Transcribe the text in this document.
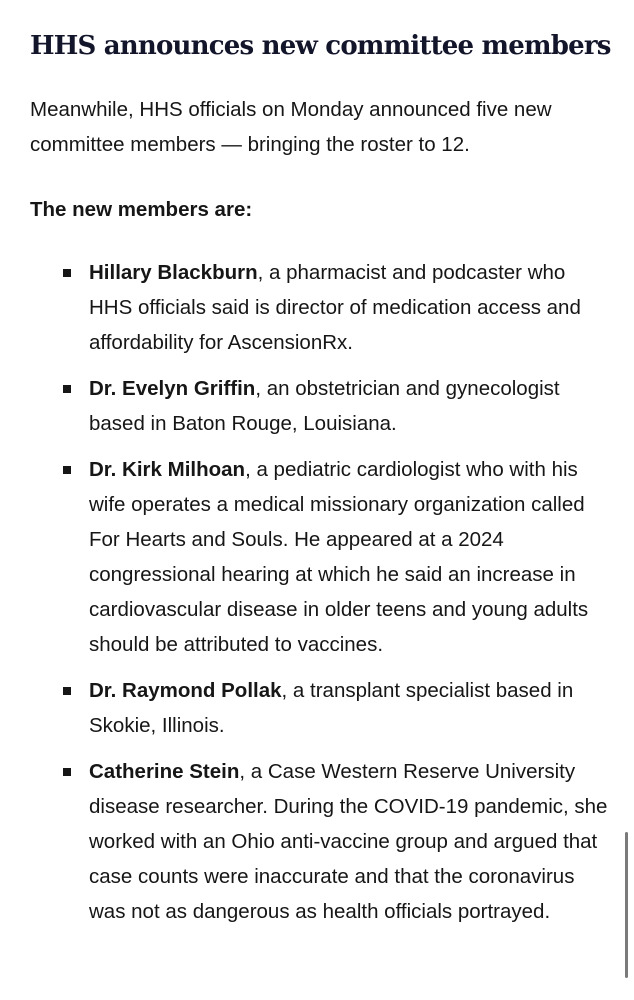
HHS announces new committee members

Meanwhile, HHS officials on Monday announced five new committee members — bringing the roster to 12.

The new members are:

Hillary Blackburn, a pharmacist and podcaster who HHS officials said is director of medication access and affordability for AscensionRx.
Dr. Evelyn Griffin, an obstetrician and gynecologist based in Baton Rouge, Louisiana.
Dr. Kirk Milhoan, a pediatric cardiologist who with his wife operates a medical missionary organization called For Hearts and Souls. He appeared at a 2024 congressional hearing at which he said an increase in cardiovascular disease in older teens and young adults should be attributed to vaccines.
Dr. Raymond Pollak, a transplant specialist based in Skokie, Illinois.
Catherine Stein, a Case Western Reserve University disease researcher. During the COVID-19 pandemic, she worked with an Ohio anti-vaccine group and argued that case counts were inaccurate and that the coronavirus was not as dangerous as health officials portrayed.
